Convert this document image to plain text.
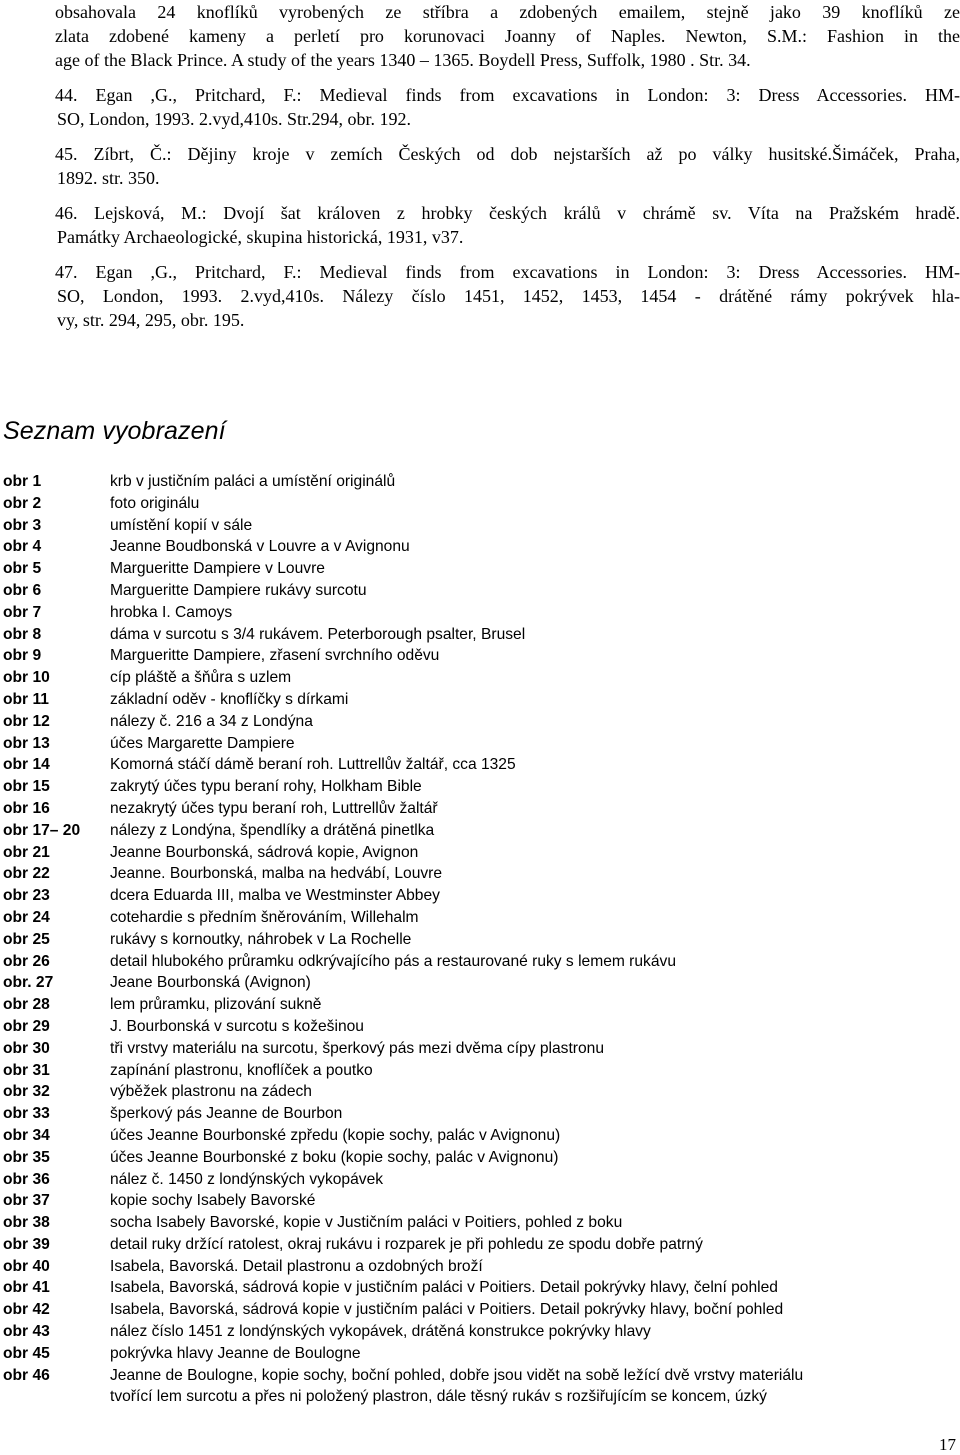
obsahovala 24 knoflíků vyrobených ze stříbra a zdobených emailem, stejně jako 39 knoflíků ze
zlata zdobené kameny a perletí pro korunovaci Joanny of Naples. Newton, S.M.: Fashion in the
age of the Black Prince. A study of the years 1340 – 1365. Boydell Press, Suffolk, 1980 . Str. 34.
44. Egan ,G., Pritchard, F.: Medieval finds from excavations in London: 3: Dress Accessories. HM-
SO, London, 1993. 2.vyd,410s. Str.294, obr. 192.
45. Zíbrt, Č.: Dějiny kroje v zemích Českých od dob nejstarších až po války husitské.Šimáček, Praha,
1892. str. 350.
46. Lejsková, M.: Dvojí šat královen z hrobky českých králů v chrámě sv. Víta na Pražském hradě.
Památky Archaeologické, skupina historická, 1931, v37.
47. Egan ,G., Pritchard, F.: Medieval finds from excavations in London: 3: Dress Accessories. HM-
SO, London, 1993. 2.vyd,410s. Nálezy číslo 1451, 1452, 1453, 1454 - drátěné rámy pokrývek hla-
vy, str. 294, 295, obr. 195.
Seznam vyobrazení
obr 1	krb v justičním paláci a umístění originálů
obr 2	foto originálu
obr 3	umístění kopií v sále
obr 4	Jeanne Boudbonská v Louvre a v Avignonu
obr 5	Margueritte Dampiere v Louvre
obr 6	Margueritte Dampiere rukávy surcotu
obr 7	hrobka I. Camoys
obr 8	dáma v surcotu s 3/4 rukávem. Peterborough psalter, Brusel
obr 9	Margueritte Dampiere, zřasení svrchního oděvu
obr 10	cíp pláště a šňůra s uzlem
obr 11	základní oděv - knoflíčky s dírkami
obr 12	nálezy č. 216 a 34 z Londýna
obr 13	účes Margarette Dampiere
obr 14	Komorná stáčí dámě beraní roh. Luttrellův žaltář, cca 1325
obr 15	zakrytý účes typu beraní rohy, Holkham Bible
obr 16	nezakrytý účes typu beraní roh, Luttrellův žaltář
obr 17– 20	nálezy z Londýna, špendlíky a drátěná pinetlka
obr 21	Jeanne Bourbonská, sádrová kopie, Avignon
obr 22	Jeanne. Bourbonská, malba na hedvábí, Louvre
obr 23	dcera Eduarda III, malba ve Westminster Abbey
obr 24	cotehardie s předním šněrováním, Willehalm
obr 25	rukávy s kornoutky, náhrobek v La Rochelle
obr 26	detail hlubokého průramku odkrývajícího pás a restaurované ruky s lemem rukávu
obr. 27	Jeane Bourbonská (Avignon)
obr 28	lem průramku, plizování sukně
obr 29	J. Bourbonská v surcotu s kožešinou
obr 30	tři vrstvy materiálu na surcotu, šperkový pás mezi dvěma cípy plastronu
obr 31	zapínání plastronu, knoflíček a poutko
obr 32	výběžek plastronu na zádech
obr 33	šperkový pás Jeanne de Bourbon
obr 34	účes Jeanne Bourbonské zpředu (kopie sochy, palác v Avignonu)
obr 35	účes Jeanne Bourbonské z boku (kopie sochy, palác v Avignonu)
obr 36	nález č. 1450 z londýnských vykopávek
obr 37	kopie sochy Isabely Bavorské
obr 38	socha Isabely Bavorské, kopie v Justičním paláci v Poitiers, pohled z boku
obr 39	detail ruky držící ratolest, okraj rukávu i rozparek je při pohledu ze spodu dobře patrný
obr 40	Isabela, Bavorská. Detail plastronu a ozdobných broží
obr 41	Isabela, Bavorská, sádrová kopie v justičním paláci v Poitiers. Detail pokrývky hlavy, čelní pohled
obr 42	Isabela, Bavorská, sádrová kopie v justičním paláci v Poitiers. Detail pokrývky hlavy, boční pohled
obr 43	nález číslo 1451 z londýnských vykopávek, drátěná konstrukce pokrývky hlavy
obr 45	pokrývka hlavy Jeanne de Boulogne
obr 46	Jeanne de Boulogne, kopie sochy, boční pohled, dobře jsou vidět na sobě ležící dvě vrstvy materiálu
tvořící lem surcotu a přes ni položený plastron, dále těsný rukáv s rozšiřujícím se koncem, úzký
17
